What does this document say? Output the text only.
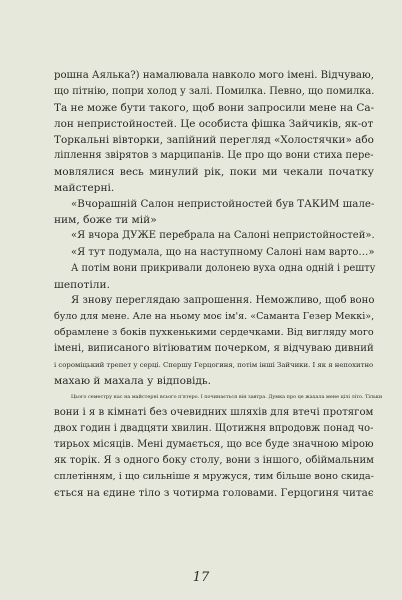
рошна Аялька?) намалювала навколо мого імені. Відчуваю,
що пітнію, попри холод у залі. Помилка. Певно, що помилка.
Та не може бути такого, щоб вони запросили мене на Са-
лон непристойностей. Це особиста фішка Зайчиків, як-от
Торкальні вівторки, запійний перегляд «Холостячки» або
ліплення звірятов з марципанів. Це про що вони стиха пере-
мовлялися весь минулий рік, поки ми чекали початку
майстерні.
«Вчорашній Салон непристойностей був ТАКИМ шале-
ним, боже ти мій»
«Я вчора ДУЖЕ перебрала на Салоні непристойностей».
«Я тут подумала, що на наступному Салоні нам варто…»
А потім вони прикривали долонею вуха одна одній і решту
шепотіли.
Я знову переглядаю запрошення. Неможливо, щоб воно
було для мене. Але на ньому моє ім'я. «Саманта Гезер Меккі»,
обрамлене з боків пухкенькими сердечками. Від вигляду мого
імені, виписаного вітіюватим почерком, я відчуваю дивний
і сороміцький трепет у серці. Спершу Герцогиня, потім інші Зайчики. І як я непохитно
махаю й махала у відповідь.
Цього семестру нас на майстерні всього п'ятеро. І починається він завтра. Думка про це жахала мене цілі літо. Тільки
вони і я в кімнаті без очевидних шляхів для втечі протягом
двох годин і двадцяти хвилин. Щотижня впродовж понад чо-
тирьох місяців. Мені думається, що все буде значною мірою
як торік. Я з одного боку столу, вони з іншого, обіймальним
сплетінням, і що сильніше я мружуся, тим більше воно скида-
ється на єдине тіло з чотирма головами. Герцогиня читає
17
